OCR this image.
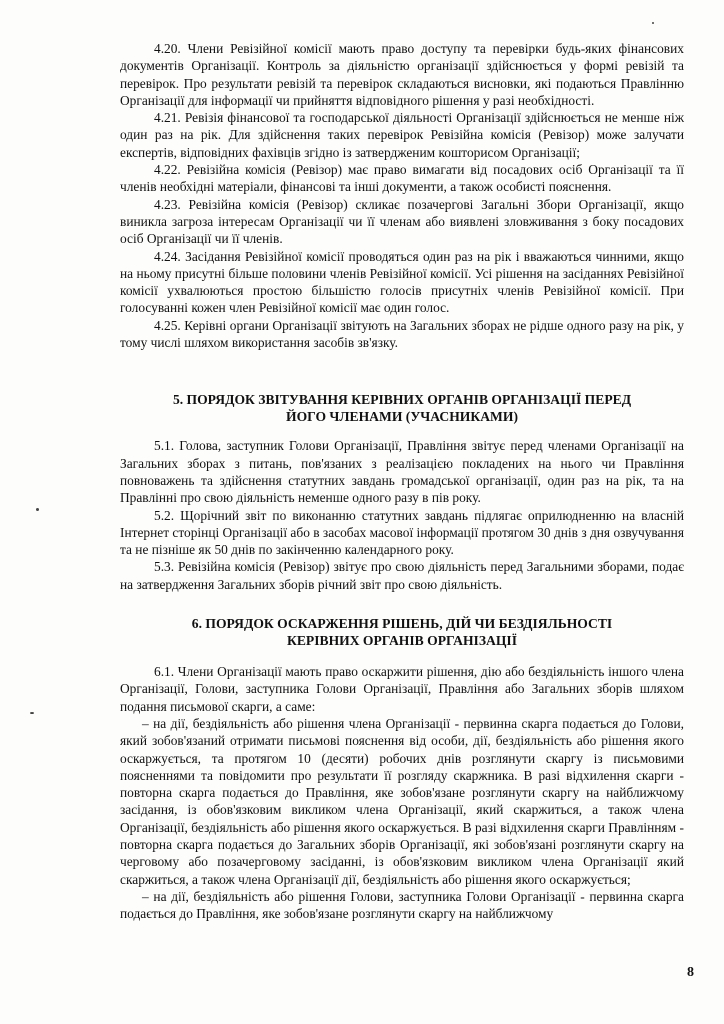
4.20. Члени Ревізійної комісії мають право доступу та перевірки будь-яких фінансових документів Організації. Контроль за діяльністю організації здійснюється у формі ревізій та перевірок. Про результати ревізій та перевірок складаються висновки, які подаються Правлінню Організації для інформації чи прийняття відповідного рішення у разі необхідності.

4.21. Ревізія фінансової та господарської діяльності Організації здійснюється не менше ніж один раз на рік. Для здійснення таких перевірок Ревізійна комісія (Ревізор) може залучати експертів, відповідних фахівців згідно із затвердженим кошторисом Організації;

4.22. Ревізійна комісія (Ревізор) має право вимагати від посадових осіб Організації та її членів необхідні матеріали, фінансові та інші документи, а також особисті пояснення.

4.23. Ревізійна комісія (Ревізор) скликає позачергові Загальні Збори Організації, якщо виникла загроза інтересам Організації чи її членам або виявлені зловживання з боку посадових осіб Організації чи її членів.

4.24. Засідання Ревізійної комісії проводяться один раз на рік і вважаються чинними, якщо на ньому присутні більше половини членів Ревізійної комісії. Усі рішення на засіданнях Ревізійної комісії ухвалюються простою більшістю голосів присутніх членів Ревізійної комісії. При голосуванні кожен член Ревізійної комісії має один голос.

4.25. Керівні органи Організації звітують на Загальних зборах не рідше одного разу на рік, у тому числі шляхом використання засобів зв'язку.

5. ПОРЯДОК ЗВІТУВАННЯ КЕРІВНИХ ОРГАНІВ ОРГАНІЗАЦІЇ ПЕРЕД
ЙОГО ЧЛЕНАМИ (УЧАСНИКАМИ)

5.1. Голова, заступник Голови Організації, Правління звітує перед членами Організації на Загальних зборах з питань, пов'язаних з реалізацією покладених на нього чи Правління повноважень та здійснення статутних завдань громадської організації, один раз на рік, та на Правлінні про свою діяльність неменше одного разу в пів року.

5.2. Щорічний звіт по виконанню статутних завдань підлягає оприлюдненню на власній Інтернет сторінці Організації або в засобах масової інформації протягом 30 днів з дня озвучування та не пізніше як 50 днів по закінченню календарного року.

5.3. Ревізійна комісія (Ревізор) звітує про свою діяльність перед Загальними зборами, подає на затвердження Загальних зборів річний звіт про свою діяльність.

6. ПОРЯДОК ОСКАРЖЕННЯ РІШЕНЬ, ДІЙ ЧИ БЕЗДІЯЛЬНОСТІ
КЕРІВНИХ ОРГАНІВ ОРГАНІЗАЦІЇ

6.1. Члени Організації мають право оскаржити рішення, дію або бездіяльність іншого члена Організації, Голови, заступника Голови Організації, Правління або Загальних зборів шляхом подання письмової скарги, а саме:

– на дії, бездіяльність або рішення члена Організації - первинна скарга подається до Голови, який зобов'язаний отримати письмові пояснення від особи, дії, бездіяльність або рішення якого оскаржується, та протягом 10 (десяти) робочих днів розглянути скаргу із письмовими поясненнями та повідомити про результати її розгляду скаржника. В разі відхилення скарги - повторна скарга подається до Правління, яке зобов'язане розглянути скаргу на найближчому засідання, із обов'язковим викликом члена Організації, який скаржиться, а також члена Організації, бездіяльність або рішення якого оскаржується. В разі відхилення скарги Правлінням - повторна скарга подається до Загальних зборів Організації, які зобов'язані розглянути скаргу на черговому або позачерговому засіданні, із обов'язковим викликом члена Організації який скаржиться, а також члена Організації дії, бездіяльність або рішення якого оскаржується;

– на дії, бездіяльність або рішення Голови, заступника Голови Організації - первинна скарга подається до Правління, яке зобов'язане розглянути скаргу на найближчому

8
